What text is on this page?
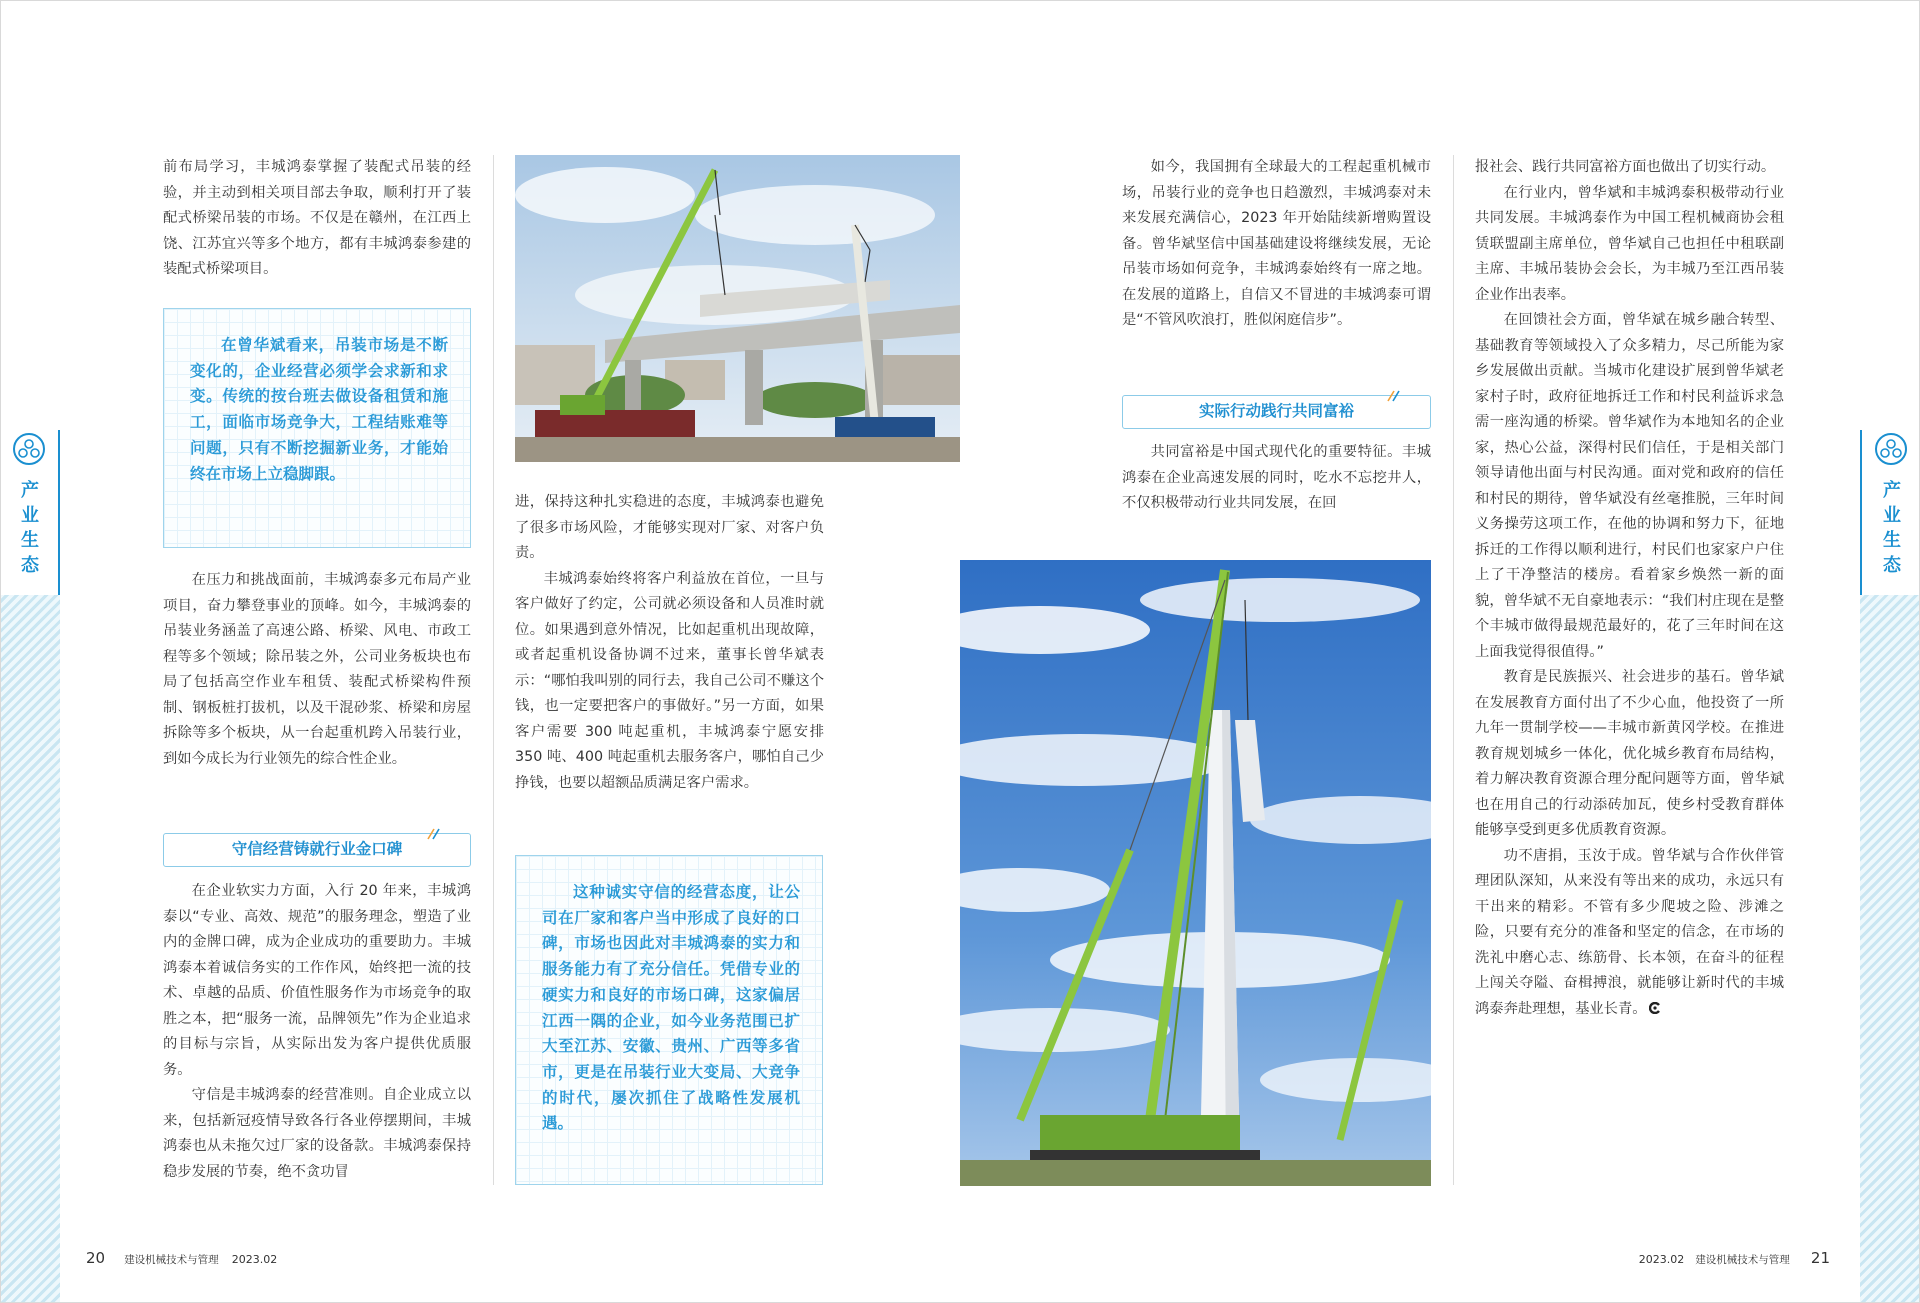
产
业
生
态
产
业
生
态

前布局学习，丰城鸿泰掌握了装配式吊装的经验，并主动到相关项目部去争取，顺利打开了装配式桥梁吊装的市场。不仅是在赣州，在江西上饶、江苏宜兴等多个地方，都有丰城鸿泰参建的装配式桥梁项目。

在曾华斌看来，吊装市场是不断变化的，企业经营必须学会求新和求变。传统的按台班去做设备租赁和施工，面临市场竞争大，工程结账难等问题，只有不断挖掘新业务，才能始终在市场上立稳脚跟。

在压力和挑战面前，丰城鸿泰多元布局产业项目，奋力攀登事业的顶峰。如今，丰城鸿泰的吊装业务涵盖了高速公路、桥梁、风电、市政工程等多个领域；除吊装之外，公司业务板块也布局了包括高空作业车租赁、装配式桥梁构件预制、钢板桩打拔机，以及干混砂浆、桥梁和房屋拆除等多个板块，从一台起重机跨入吊装行业，到如今成长为行业领先的综合性企业。

守信经营铸就行业金口碑

在企业软实力方面，入行 20 年来，丰城鸿泰以“专业、高效、规范”的服务理念，塑造了业内的金牌口碑，成为企业成功的重要助力。丰城鸿泰本着诚信务实的工作作风，始终把一流的技术、卓越的品质、价值性服务作为市场竞争的取胜之本，把“服务一流，品牌领先”作为企业追求的目标与宗旨，从实际出发为客户提供优质服务。

守信是丰城鸿泰的经营准则。自企业成立以来，包括新冠疫情导致各行各业停摆期间，丰城鸿泰也从未拖欠过厂家的设备款。丰城鸿泰保持稳步发展的节奏，绝不贪功冒

进，保持这种扎实稳进的态度，丰城鸿泰也避免了很多市场风险，才能够实现对厂家、对客户负责。

丰城鸿泰始终将客户利益放在首位，一旦与客户做好了约定，公司就必须设备和人员准时就位。如果遇到意外情况，比如起重机出现故障，或者起重机设备协调不过来，董事长曾华斌表示：“哪怕我叫别的同行去，我自己公司不赚这个钱，也一定要把客户的事做好。”另一方面，如果客户需要 300 吨起重机，丰城鸿泰宁愿安排 350 吨、400 吨起重机去服务客户，哪怕自己少挣钱，也要以超额品质满足客户需求。

这种诚实守信的经营态度，让公司在厂家和客户当中形成了良好的口碑，市场也因此对丰城鸿泰的实力和服务能力有了充分信任。凭借专业的硬实力和良好的市场口碑，这家偏居江西一隅的企业，如今业务范围已扩大至江苏、安徽、贵州、广西等多省市，更是在吊装行业大变局、大竞争的时代，屡次抓住了战略性发展机遇。

如今，我国拥有全球最大的工程起重机械市场，吊装行业的竞争也日趋激烈，丰城鸿泰对未来发展充满信心，2023 年开始陆续新增购置设备。曾华斌坚信中国基础建设将继续发展，无论吊装市场如何竞争，丰城鸿泰始终有一席之地。在发展的道路上，自信又不冒进的丰城鸿泰可谓是“不管风吹浪打，胜似闲庭信步”。

实际行动践行共同富裕

共同富裕是中国式现代化的重要特征。丰城鸿泰在企业高速发展的同时，吃水不忘挖井人，不仅积极带动行业共同发展，在回

报社会、践行共同富裕方面也做出了切实行动。

在行业内，曾华斌和丰城鸿泰积极带动行业共同发展。丰城鸿泰作为中国工程机械商协会租赁联盟副主席单位，曾华斌自己也担任中租联副主席、丰城吊装协会会长，为丰城乃至江西吊装企业作出表率。

在回馈社会方面，曾华斌在城乡融合转型、基础教育等领域投入了众多精力，尽己所能为家乡发展做出贡献。当城市化建设扩展到曾华斌老家村子时，政府征地拆迁工作和村民利益诉求急需一座沟通的桥梁。曾华斌作为本地知名的企业家，热心公益，深得村民们信任，于是相关部门领导请他出面与村民沟通。面对党和政府的信任和村民的期待，曾华斌没有丝毫推脱，三年时间义务操劳这项工作，在他的协调和努力下，征地拆迁的工作得以顺利进行，村民们也家家户户住上了干净整洁的楼房。看着家乡焕然一新的面貌，曾华斌不无自豪地表示：“我们村庄现在是整个丰城市做得最规范最好的，花了三年时间在这上面我觉得很值得。”

教育是民族振兴、社会进步的基石。曾华斌在发展教育方面付出了不少心血，他投资了一所九年一贯制学校——丰城市新黄冈学校。在推进教育规划城乡一体化，优化城乡教育布局结构，着力解决教育资源合理分配问题等方面，曾华斌也在用自己的行动添砖加瓦，使乡村受教育群体能够享受到更多优质教育资源。

功不唐捐，玉汝于成。曾华斌与合作伙伴管理团队深知，从来没有等出来的成功，永远只有干出来的精彩。不管有多少爬坡之险、涉滩之险，只要有充分的准备和坚定的信念，在市场的洗礼中磨心志、练筋骨、长本领，在奋斗的征程上闯关夺隘、奋楫搏浪，就能够让新时代的丰城鸿泰奔赴理想，基业长青。

20 建设机械技术与管理 2023.02	2023.02 建设机械技术与管理 21
